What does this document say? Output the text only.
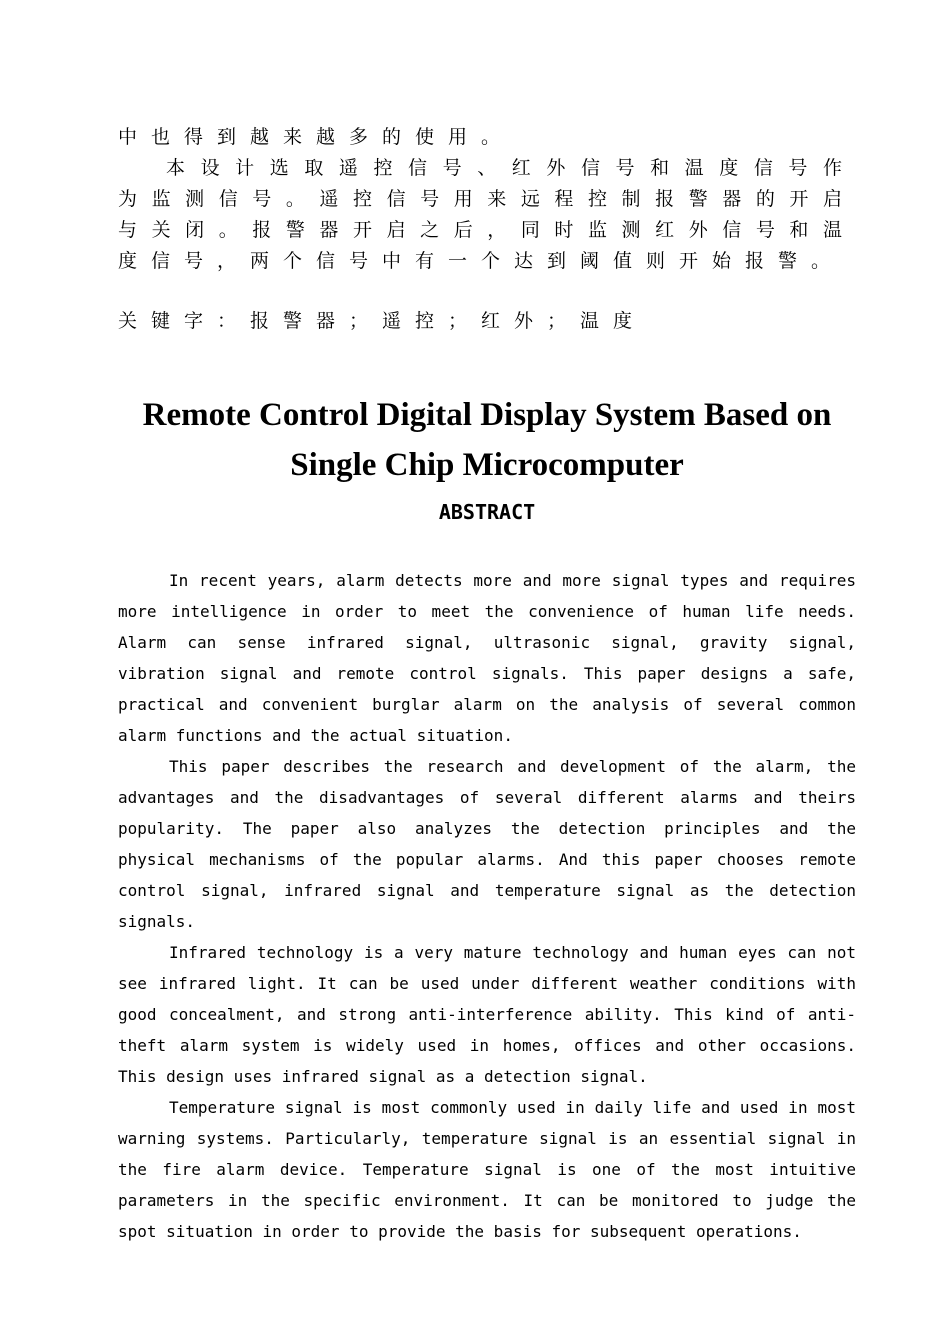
中也得到越来越多的使用。

本设计选取遥控信号、红外信号和温度信号作为监测信号。遥控信号用来远程控制报警器的开启与关闭。报警器开启之后，同时监测红外信号和温度信号，两个信号中有一个达到阈值则开始报警。

关键字：报警器；遥控；红外；温度

Remote Control Digital Display System Based on Single Chip Microcomputer
ABSTRACT

In recent years, alarm detects more and more signal types and requires more intelligence in order to meet the convenience of human life needs. Alarm can sense infrared signal, ultrasonic signal, gravity signal, vibration signal and remote control signals. This paper designs a safe, practical and convenient burglar alarm on the analysis of several common alarm functions and the actual situation.

This paper describes the research and development of the alarm, the advantages and the disadvantages of several different alarms and theirs popularity. The paper also analyzes the detection principles and the physical mechanisms of the popular alarms. And this paper chooses remote control signal, infrared signal and temperature signal as the detection signals.

Infrared technology is a very mature technology and human eyes can not see infrared light. It can be used under different weather conditions with good concealment, and strong anti-interference ability. This kind of anti-theft alarm system is widely used in homes, offices and other occasions. This design uses infrared signal as a detection signal.

Temperature signal is most commonly used in daily life and used in most warning systems. Particularly, temperature signal is an essential signal in the fire alarm device. Temperature signal is one of the most intuitive parameters in the specific environment. It can be monitored to judge the spot situation in order to provide the basis for subsequent operations.
